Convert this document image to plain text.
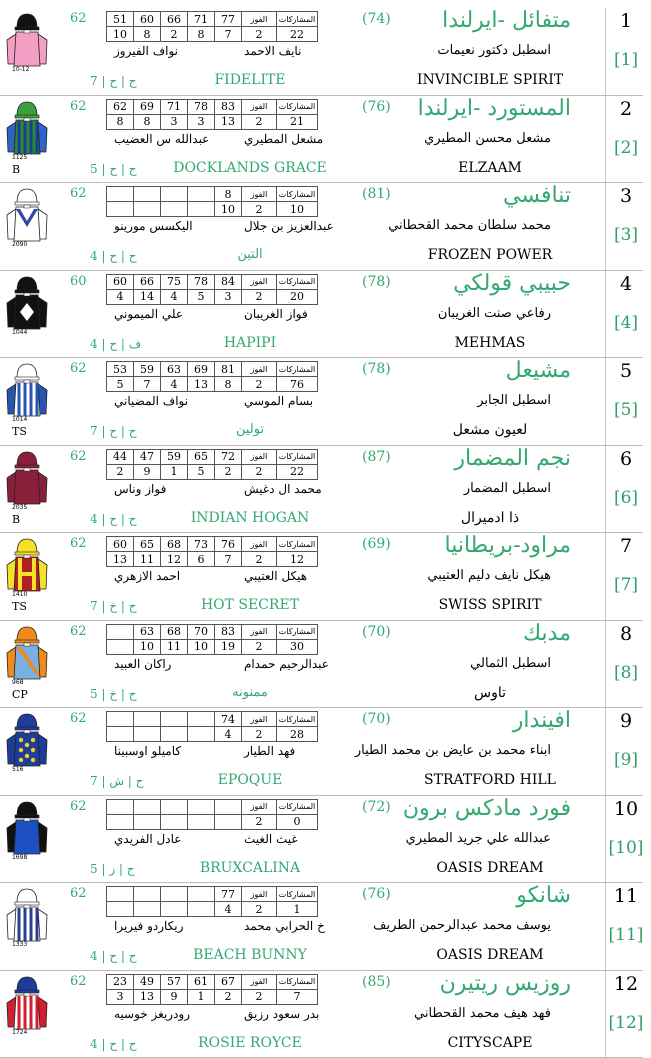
1
[1]
متفائل -ايرلندا
(74)
اسطبل دكتور نعيمات
INVINCIBLE SPIRIT
62
نايف الاحمد
نواف الفيروز
FIDELITE
ح | ح | 7
51	60	66	71	77	الفوز	المشاركات
10	8	2	8	7	2	22
10-12
2
[2]
المستورد -ايرلندا
(76)
مشعل محسن المطيري
ELZAAM
62
مشعل المطيري
عبدالله س العضيب
DOCKLANDS GRACE
ح | ح | 5
B
62	69	71	78	83	الفوز	المشاركات
8	8	3	3	13	2	21
1125
3
[3]
تنافسي
(81)
محمد سلطان محمد القحطاني
FROZEN POWER
62
عبدالعزيز بن جلال
اليكسس مورينو
التين
ح | ح | 4
				8	الفوز	المشاركات
				10	2	10
2090
4
[4]
حبيبي قولكي
(78)
رفاعي صنت الغريبان
MEHMAS
60
فواز الغريبان
علي الميموني
HAPIPI
ف | ح | 4
60	66	75	78	84	الفوز	المشاركات
4	14	4	5	3	2	20
1044
5
[5]
مشيعل
(78)
اسطبل الجابر
لعيون مشعل
62
بسام الموسي
نواف المضياني
تولين
ح | ح | 7
TS
53	59	63	69	81	الفوز	المشاركات
5	7	4	13	8	2	76
1014
6
[6]
نجم المضمار
(87)
اسطبل المضمار
ذا ادميرال
62
محمد ال دغيش
فواز وناس
INDIAN HOGAN
ح | ح | 4
B
44	47	59	65	72	الفوز	المشاركات
2	9	1	5	2	2	22
2035
7
[7]
مراود-بريطانيا
(69)
هيكل نايف دليم العتيبي
SWISS SPIRIT
62
هيكل العتيبي
احمد الازهري
HOT SECRET
ح | خ | 7
TS
60	65	68	73	76	الفوز	المشاركات
13	11	12	6	7	2	12
1410
8
[8]
مدبك
(70)
اسطبل الثمالي
تاوس
62
عبدالرحيم حمدام
راكان العبيد
ممنونه
ح | خ | 5
CP
	63	68	70	83	الفوز	المشاركات
	10	11	10	19	2	30
968
9
[9]
افيندار
(70)
ابناء محمد بن عايض بن محمد الطيار
STRATFORD HILL
62
فهد الطيار
كاميلو اوسبينا
EPOQUE
ح | ش | 7
				74	الفوز	المشاركات
				4	2	28
516
10
[10]
فورد مادكس برون
(72)
عبدالله علي جريد المطيري
OASIS DREAM
62
غيث الغيث
عادل الفريدي
BRUXCALINA
ح | ز | 5
					الفوز	المشاركات
					2	0
1698
11
[11]
شانكو
(76)
يوسف محمد عبدالرحمن الطريف
OASIS DREAM
62
خ الحرابي محمد
ريكاردو فيريرا
BEACH BUNNY
ح | ح | 4
				77	الفوز	المشاركات
				4	2	1
1333
12
[12]
روزيس ريتيرن
(85)
فهد هيف محمد القحطاني
CITYSCAPE
62
بدر سعود رزيق
رودريغز خوسيه
ROSIE ROYCE
ح | ح | 4
23	49	57	61	67	الفوز	المشاركات
3	13	9	1	2	2	7
1724
